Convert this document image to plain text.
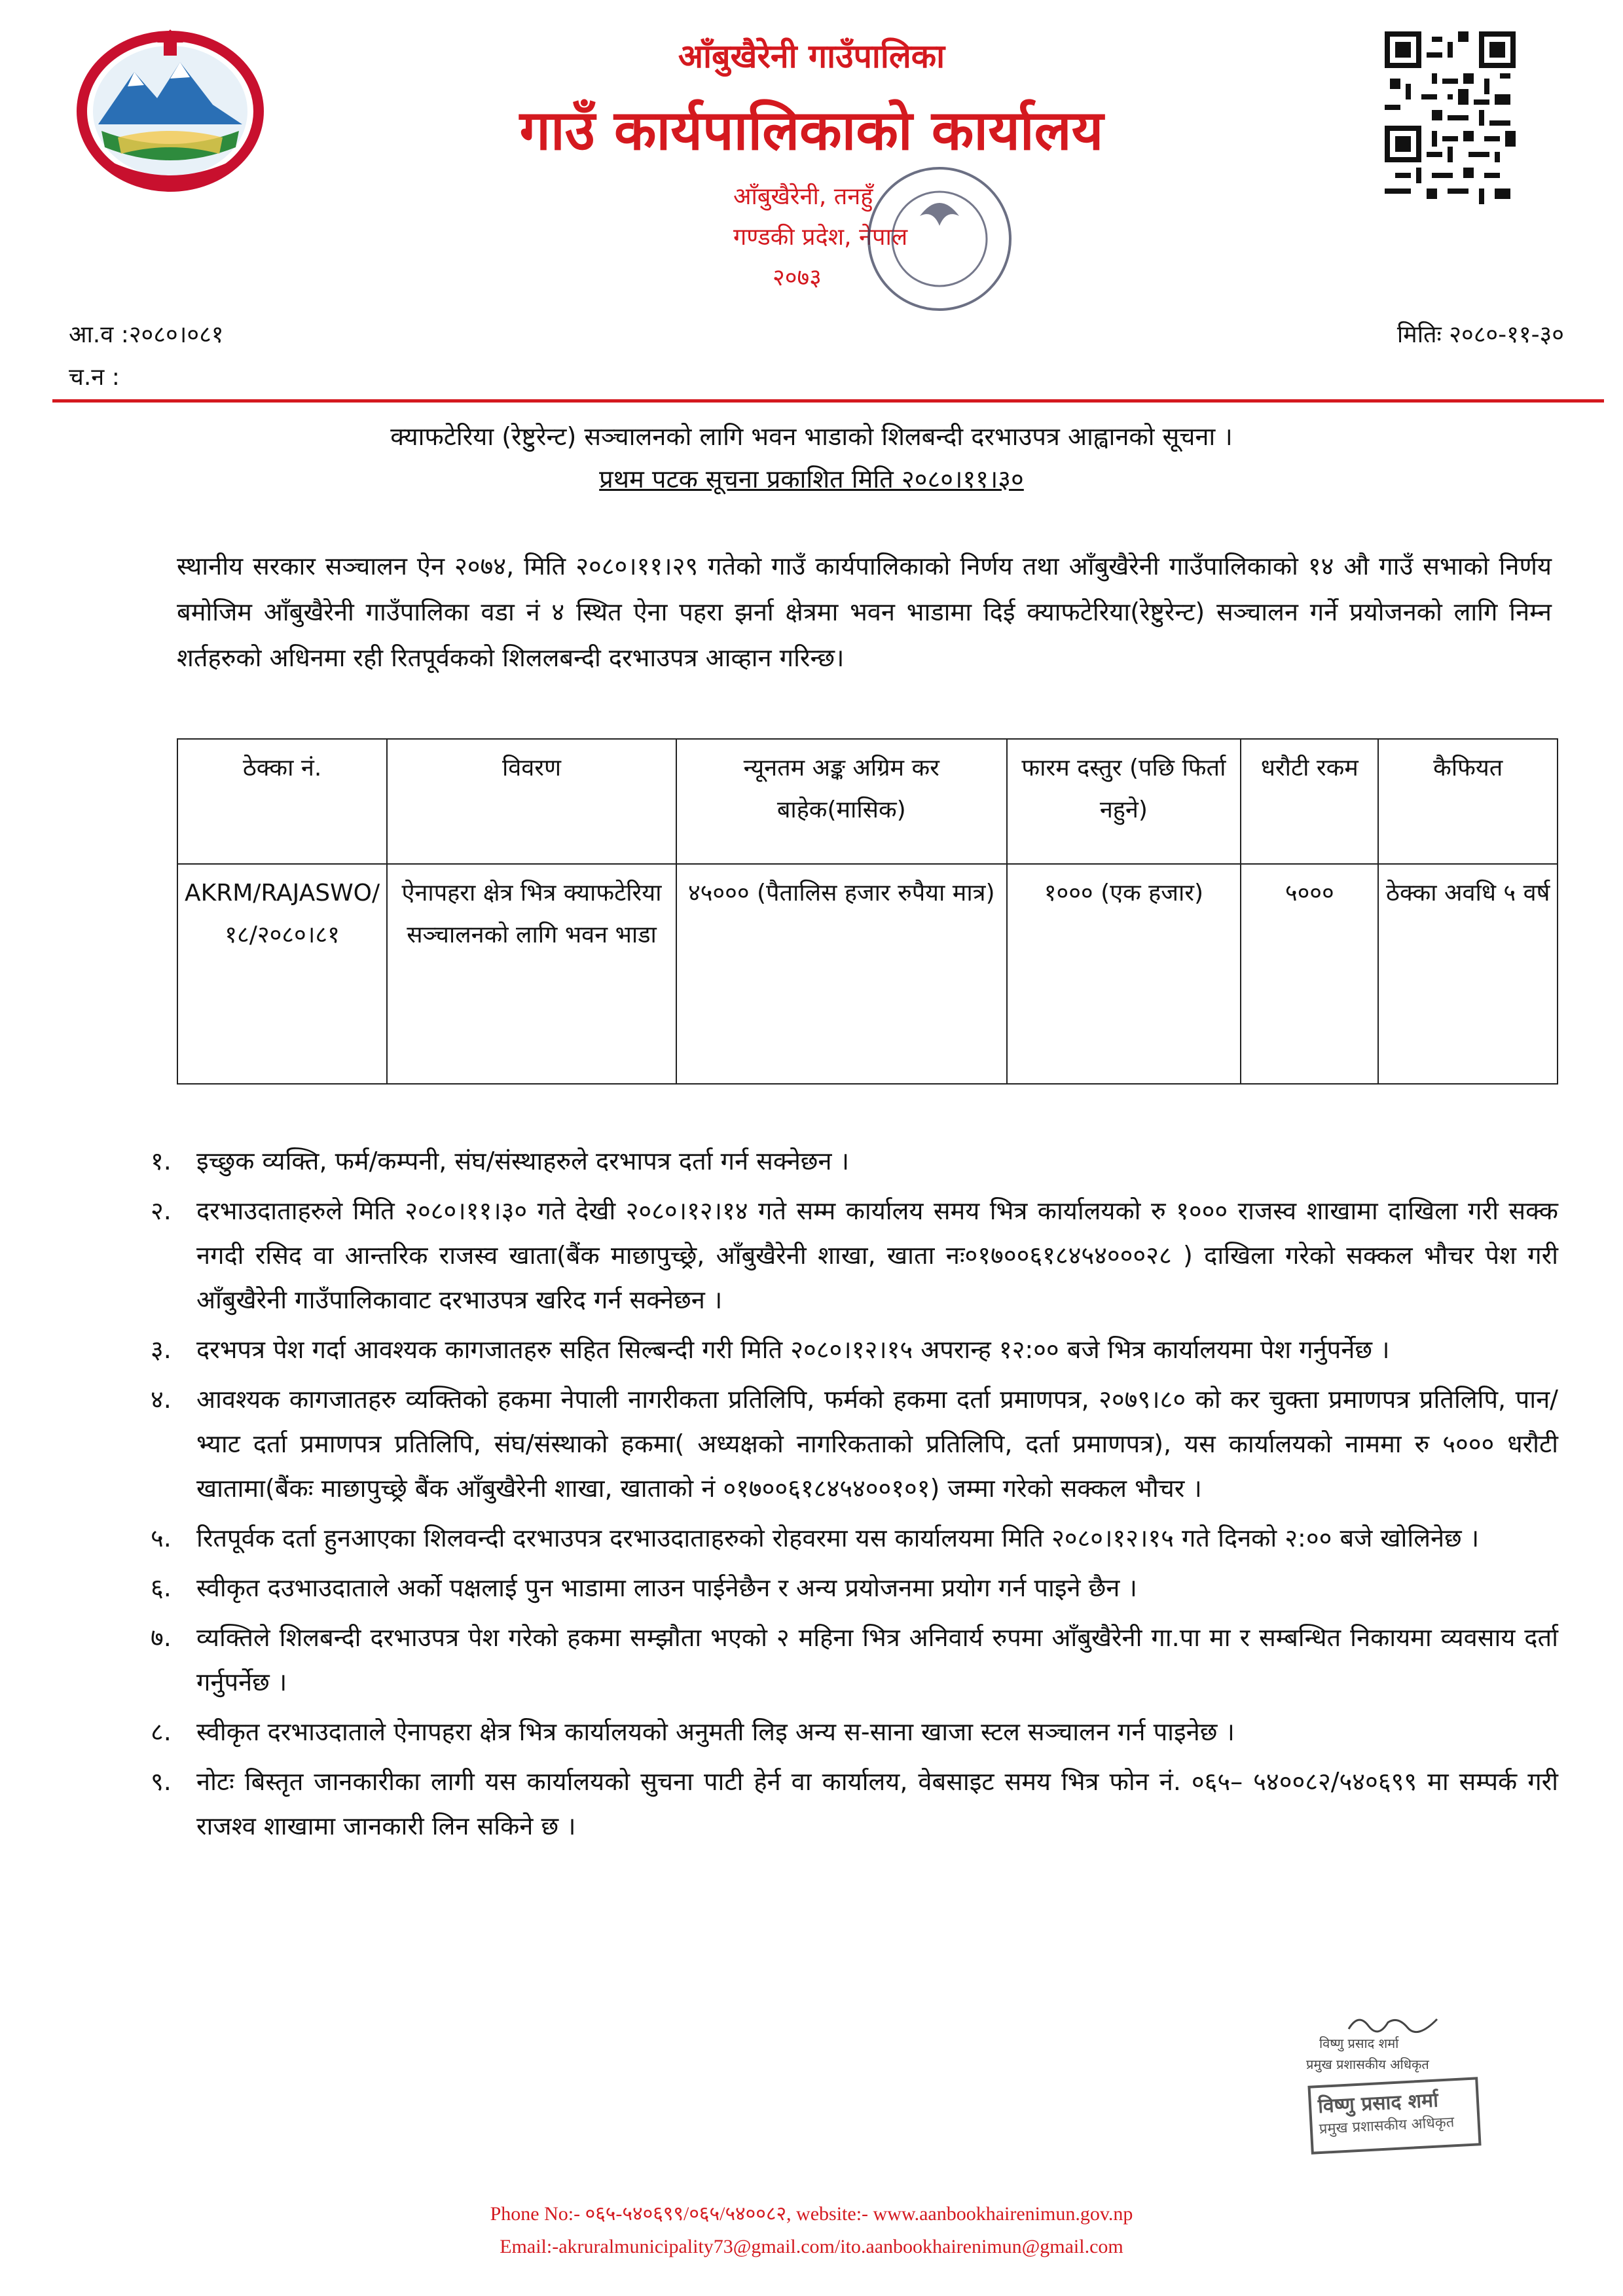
आँबुखैरेनी गाउँपालिका
गाउँ कार्यपालिकाको कार्यालय
आँबुखैरेनी, तनहुँ
गण्डकी प्रदेश, नेपाल
२०७३
आ.व :२०८०।०८१
च.न :
मितिः २०८०-११-३०
क्याफटेरिया (रेष्टुरेन्ट) सञ्चालनको लागि भवन भाडाको शिलबन्दी दरभाउपत्र आह्वानको सूचना ।
प्रथम पटक सूचना प्रकाशित मिति २०८०।११।३०
स्थानीय सरकार सञ्चालन ऐन २०७४, मिति २०८०।११।२९ गतेको गाउँ कार्यपालिकाको निर्णय तथा आँबुखैरेनी गाउँपालिकाको १४ औ गाउँ सभाको निर्णय बमोजिम आँबुखैरेनी गाउँपालिका वडा नं ४ स्थित ऐना पहरा झर्ना क्षेत्रमा भवन भाडामा दिई क्याफटेरिया(रेष्टुरेन्ट) सञ्चालन गर्ने प्रयोजनको लागि निम्न शर्तहरुको अधिनमा रही रितपूर्वकको शिललबन्दी दरभाउपत्र आव्हान गरिन्छ।
ठेक्का नं.	विवरण	न्यूनतम अङ्क अग्रिम कर बाहेक(मासिक)	फारम दस्तुर (पछि फिर्ता नहुने)	धरौटी रकम	कैफियत
AKRM/RAJASWO/ १८/२०८०।८१	ऐनापहरा क्षेत्र भित्र क्याफटेरिया सञ्चालनको लागि भवन भाडा	४५००० (पैतालिस हजार रुपैया मात्र)	१००० (एक हजार)	५०००	ठेक्का अवधि ५ वर्ष
१.	इच्छुक व्यक्ति, फर्म/कम्पनी, संघ/संस्थाहरुले दरभापत्र दर्ता गर्न सक्नेछन ।
२.	दरभाउदाताहरुले मिति २०८०।११।३० गते देखी २०८०।१२।१४ गते सम्म कार्यालय समय भित्र कार्यालयको रु १००० राजस्व शाखामा दाखिला गरी सक्क नगदी रसिद वा आन्तरिक राजस्व खाता(बैंक माछापुच्छ्रे, आँबुखैरेनी शाखा, खाता नः०१७००६१८४५४०००२८ ) दाखिला गरेको सक्कल भौचर पेश गरी आँबुखैरेनी गाउँपालिकावाट दरभाउपत्र खरिद गर्न सक्नेछन ।
३.	दरभपत्र पेश गर्दा आवश्यक कागजातहरु सहित सिल्बन्दी गरी मिति २०८०।१२।१५ अपरान्ह १२:०० बजे भित्र कार्यालयमा पेश गर्नुपर्नेछ ।
४.	आवश्यक कागजातहरु व्यक्तिको हकमा नेपाली नागरीकता प्रतिलिपि, फर्मको हकमा दर्ता प्रमाणपत्र, २०७९।८० को कर चुक्ता प्रमाणपत्र प्रतिलिपि, पान/भ्याट दर्ता प्रमाणपत्र प्रतिलिपि, संघ/संस्थाको हकमा( अध्यक्षको नागरिकताको प्रतिलिपि, दर्ता प्रमाणपत्र), यस कार्यालयको नाममा रु ५००० धरौटी खातामा(बैंकः माछापुच्छ्रे बैंक आँबुखैरेनी शाखा, खाताको नं ०१७००६१८४५४००१०१) जम्मा गरेको सक्कल भौचर ।
५.	रितपूर्वक दर्ता हुनआएका शिलवन्दी दरभाउपत्र दरभाउदाताहरुको रोहवरमा यस कार्यालयमा मिति २०८०।१२।१५ गते दिनको २:०० बजे खोलिनेछ ।
६.	स्वीकृत दउभाउदाताले अर्को पक्षलाई पुन भाडामा लाउन पाईनेछैन र अन्य प्रयोजनमा प्रयोग गर्न पाइने छैन ।
७.	व्यक्तिले शिलबन्दी दरभाउपत्र पेश गरेको हकमा सम्झौता भएको २ महिना भित्र अनिवार्य रुपमा आँबुखैरेनी गा.पा मा र सम्बन्धित निकायमा व्यवसाय दर्ता गर्नुपर्नेछ ।
८.	स्वीकृत दरभाउदाताले ऐनापहरा क्षेत्र भित्र कार्यालयको अनुमती लिइ अन्य स-साना खाजा स्टल सञ्चालन गर्न पाइनेछ ।
९.	नोटः बिस्तृत जानकारीका लागी यस कार्यालयको सुचना पाटी हेर्न वा कार्यालय, वेबसाइट समय भित्र फोन नं. ०६५– ५४००८२/५४०६९९ मा सम्पर्क गरी राजश्व शाखामा जानकारी लिन सकिने छ ।
विष्णु प्रसाद शर्मा
प्रमुख प्रशासकीय अधिकृत
विष्णु प्रसाद शर्मा
प्रमुख प्रशासकीय अधिकृत
Phone No:- ०६५-५४०६९९/०६५/५४००८२, website:- www.aanbookhairenimun.gov.np
Email:-akruralmunicipality73@gmail.com/ito.aanbookhairenimun@gmail.com
